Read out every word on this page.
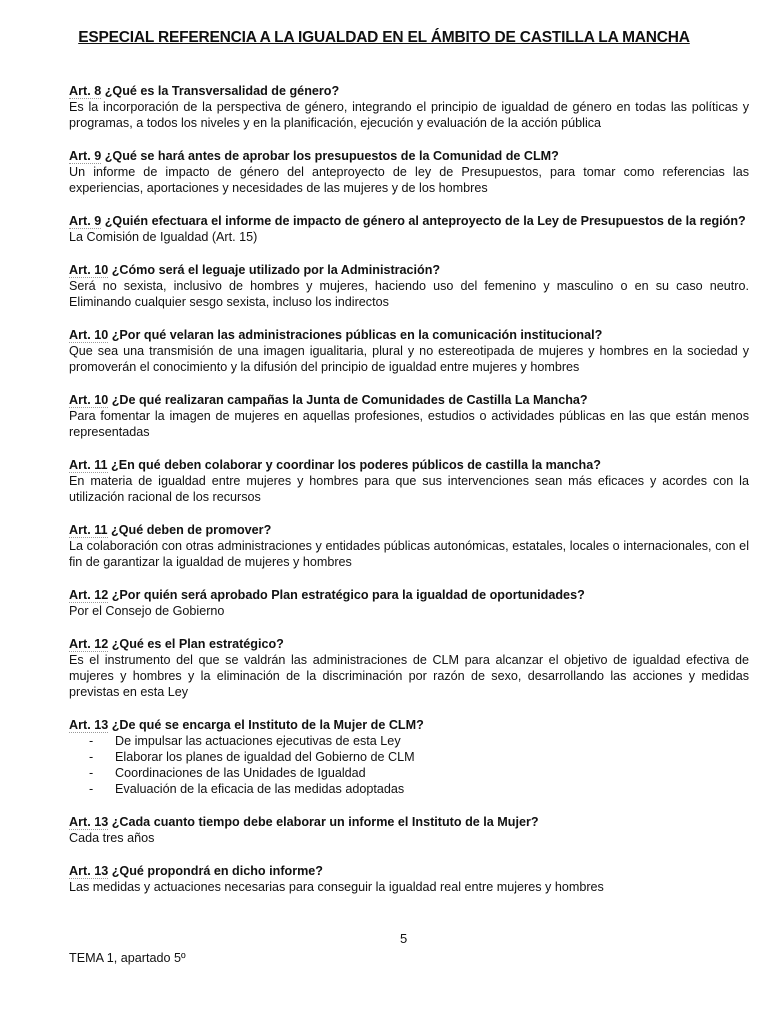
ESPECIAL REFERENCIA A LA IGUALDAD EN EL ÁMBITO DE CASTILLA LA MANCHA
Art. 8 ¿Qué es la Transversalidad de género?
Es la incorporación de la perspectiva de género, integrando el principio de igualdad de género en todas las políticas y programas, a todos los niveles y en la planificación, ejecución y evaluación de la acción pública
Art. 9 ¿Qué se hará antes de aprobar los presupuestos de la Comunidad de CLM?
Un informe de impacto de género del anteproyecto de ley de Presupuestos, para tomar como referencias las experiencias, aportaciones y necesidades de las mujeres y de los hombres
Art. 9 ¿Quién efectuara el informe de impacto de género al anteproyecto de la Ley de Presupuestos de la región?
La Comisión de Igualdad (Art. 15)
Art. 10 ¿Cómo será el leguaje utilizado por la Administración?
Será no sexista, inclusivo de hombres y mujeres, haciendo uso del femenino y masculino o en su caso neutro. Eliminando cualquier sesgo sexista, incluso los indirectos
Art. 10 ¿Por qué velaran las administraciones públicas en la comunicación institucional?
Que sea una transmisión de una imagen igualitaria, plural y no estereotipada de mujeres y hombres en la sociedad y promoverán el conocimiento y la difusión del principio de igualdad entre mujeres y hombres
Art. 10 ¿De qué realizaran campañas la Junta de Comunidades de Castilla La Mancha?
Para fomentar la imagen de mujeres en aquellas profesiones, estudios o actividades públicas en las que están menos representadas
Art. 11 ¿En qué deben colaborar y coordinar los poderes públicos de castilla la mancha?
En materia de igualdad entre mujeres y hombres para que sus intervenciones sean más eficaces y acordes con la utilización racional de los recursos
Art. 11 ¿Qué deben de promover?
La colaboración con otras administraciones y entidades públicas autonómicas, estatales, locales o internacionales, con el fin de garantizar la igualdad de mujeres y hombres
Art. 12 ¿Por quién será aprobado Plan estratégico para la igualdad de oportunidades?
Por el Consejo de Gobierno
Art. 12 ¿Qué es el Plan estratégico?
Es el instrumento del que se valdrán las administraciones de CLM para alcanzar el objetivo de igualdad efectiva de mujeres y hombres y la eliminación de la discriminación por razón de sexo, desarrollando las acciones y medidas previstas en esta Ley
Art. 13 ¿De qué se encarga el Instituto de la Mujer de CLM?
- De impulsar las actuaciones ejecutivas de esta Ley
- Elaborar los planes de igualdad del Gobierno de CLM
- Coordinaciones de las Unidades de Igualdad
- Evaluación de la eficacia de las medidas adoptadas
Art. 13 ¿Cada cuanto tiempo debe elaborar un informe el Instituto de la Mujer?
Cada tres años
Art. 13 ¿Qué propondrá en dicho informe?
Las medidas y actuaciones necesarias para conseguir la igualdad real entre mujeres y hombres
5
TEMA 1, apartado 5º
